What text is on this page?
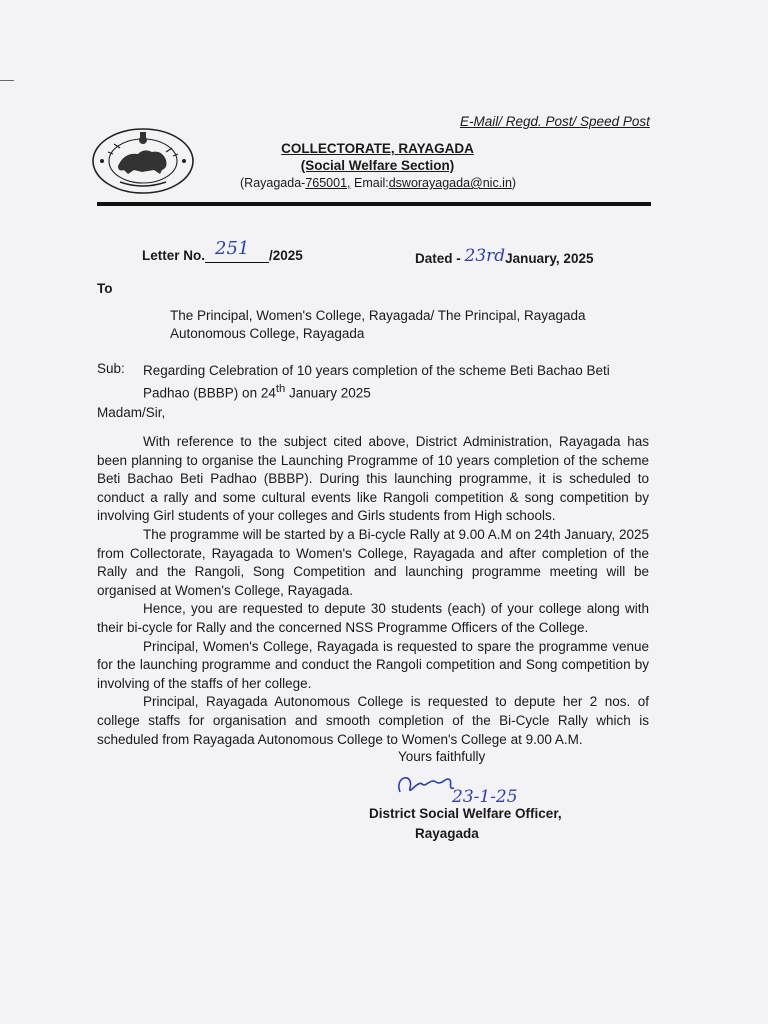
E-Mail/ Regd. Post/ Speed Post
COLLECTORATE, RAYAGADA
(Social Welfare Section)
(Rayagada-765001, Email:dsworayagada@nic.in)
Letter No. 251 /2025	Dated - 23rdJanuary, 2025
To
The Principal, Women's College, Rayagada/ The Principal, Rayagada Autonomous College, Rayagada
Sub: Regarding Celebration of 10 years completion of the scheme Beti Bachao Beti Padhao (BBBP) on 24th January 2025
Madam/Sir,

With reference to the subject cited above, District Administration, Rayagada has been planning to organise the Launching Programme of 10 years completion of the scheme Beti Bachao Beti Padhao (BBBP). During this launching programme, it is scheduled to conduct a rally and some cultural events like Rangoli competition & song competition by involving Girl students of your colleges and Girls students from High schools.

The programme will be started by a Bi-cycle Rally at 9.00 A.M on 24th January, 2025 from Collectorate, Rayagada to Women's College, Rayagada and after completion of the Rally and the Rangoli, Song Competition and launching programme meeting will be organised at Women's College, Rayagada.

Hence, you are requested to depute 30 students (each) of your college along with their bi-cycle for Rally and the concerned NSS Programme Officers of the College.

Principal, Women's College, Rayagada is requested to spare the programme venue for the launching programme and conduct the Rangoli competition and Song competition by involving of the staffs of her college.

Principal, Rayagada Autonomous College is requested to depute her 2 nos. of college staffs for organisation and smooth completion of the Bi-Cycle Rally which is scheduled from Rayagada Autonomous College to Women's College at 9.00 A.M.

Yours faithfully
23-1-25
District Social Welfare Officer,
Rayagada
